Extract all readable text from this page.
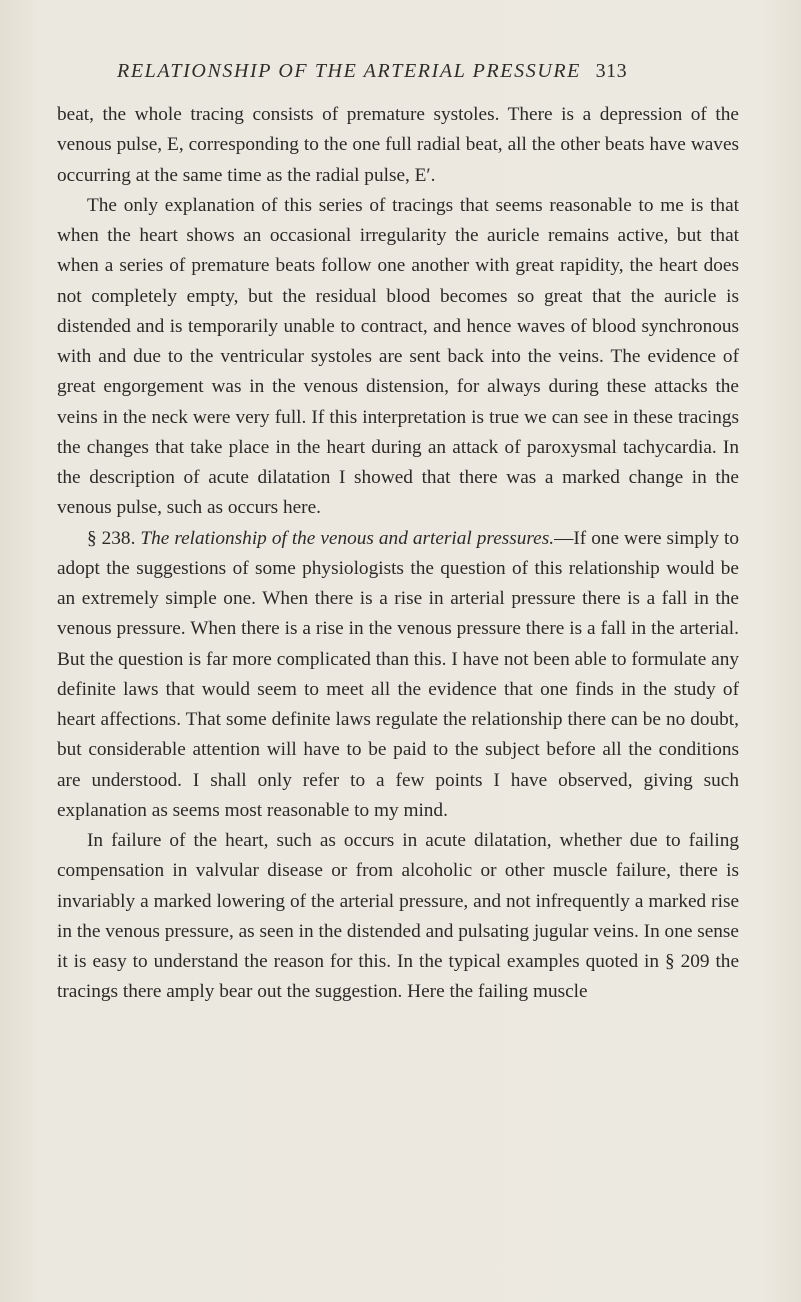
RELATIONSHIP OF THE ARTERIAL PRESSURE 313

beat, the whole tracing consists of premature systoles. There is a depression of the venous pulse, E, corresponding to the one full radial beat, all the other beats have waves occurring at the same time as the radial pulse, E′.

The only explanation of this series of tracings that seems reasonable to me is that when the heart shows an occasional irregularity the auricle remains active, but that when a series of premature beats follow one another with great rapidity, the heart does not completely empty, but the residual blood becomes so great that the auricle is distended and is temporarily unable to contract, and hence waves of blood synchronous with and due to the ventricular systoles are sent back into the veins. The evidence of great engorgement was in the venous distension, for always during these attacks the veins in the neck were very full. If this interpretation is true we can see in these tracings the changes that take place in the heart during an attack of paroxysmal tachycardia. In the description of acute dilatation I showed that there was a marked change in the venous pulse, such as occurs here.

§ 238. The relationship of the venous and arterial pressures.—If one were simply to adopt the suggestions of some physiologists the question of this relationship would be an extremely simple one. When there is a rise in arterial pressure there is a fall in the venous pressure. When there is a rise in the venous pressure there is a fall in the arterial. But the question is far more complicated than this. I have not been able to formulate any definite laws that would seem to meet all the evidence that one finds in the study of heart affections. That some definite laws regulate the relationship there can be no doubt, but considerable attention will have to be paid to the subject before all the conditions are understood. I shall only refer to a few points I have observed, giving such explanation as seems most reasonable to my mind.

In failure of the heart, such as occurs in acute dilatation, whether due to failing compensation in valvular disease or from alcoholic or other muscle failure, there is invariably a marked lowering of the arterial pressure, and not infrequently a marked rise in the venous pressure, as seen in the distended and pulsating jugular veins. In one sense it is easy to understand the reason for this. In the typical examples quoted in § 209 the tracings there amply bear out the suggestion. Here the failing muscle
